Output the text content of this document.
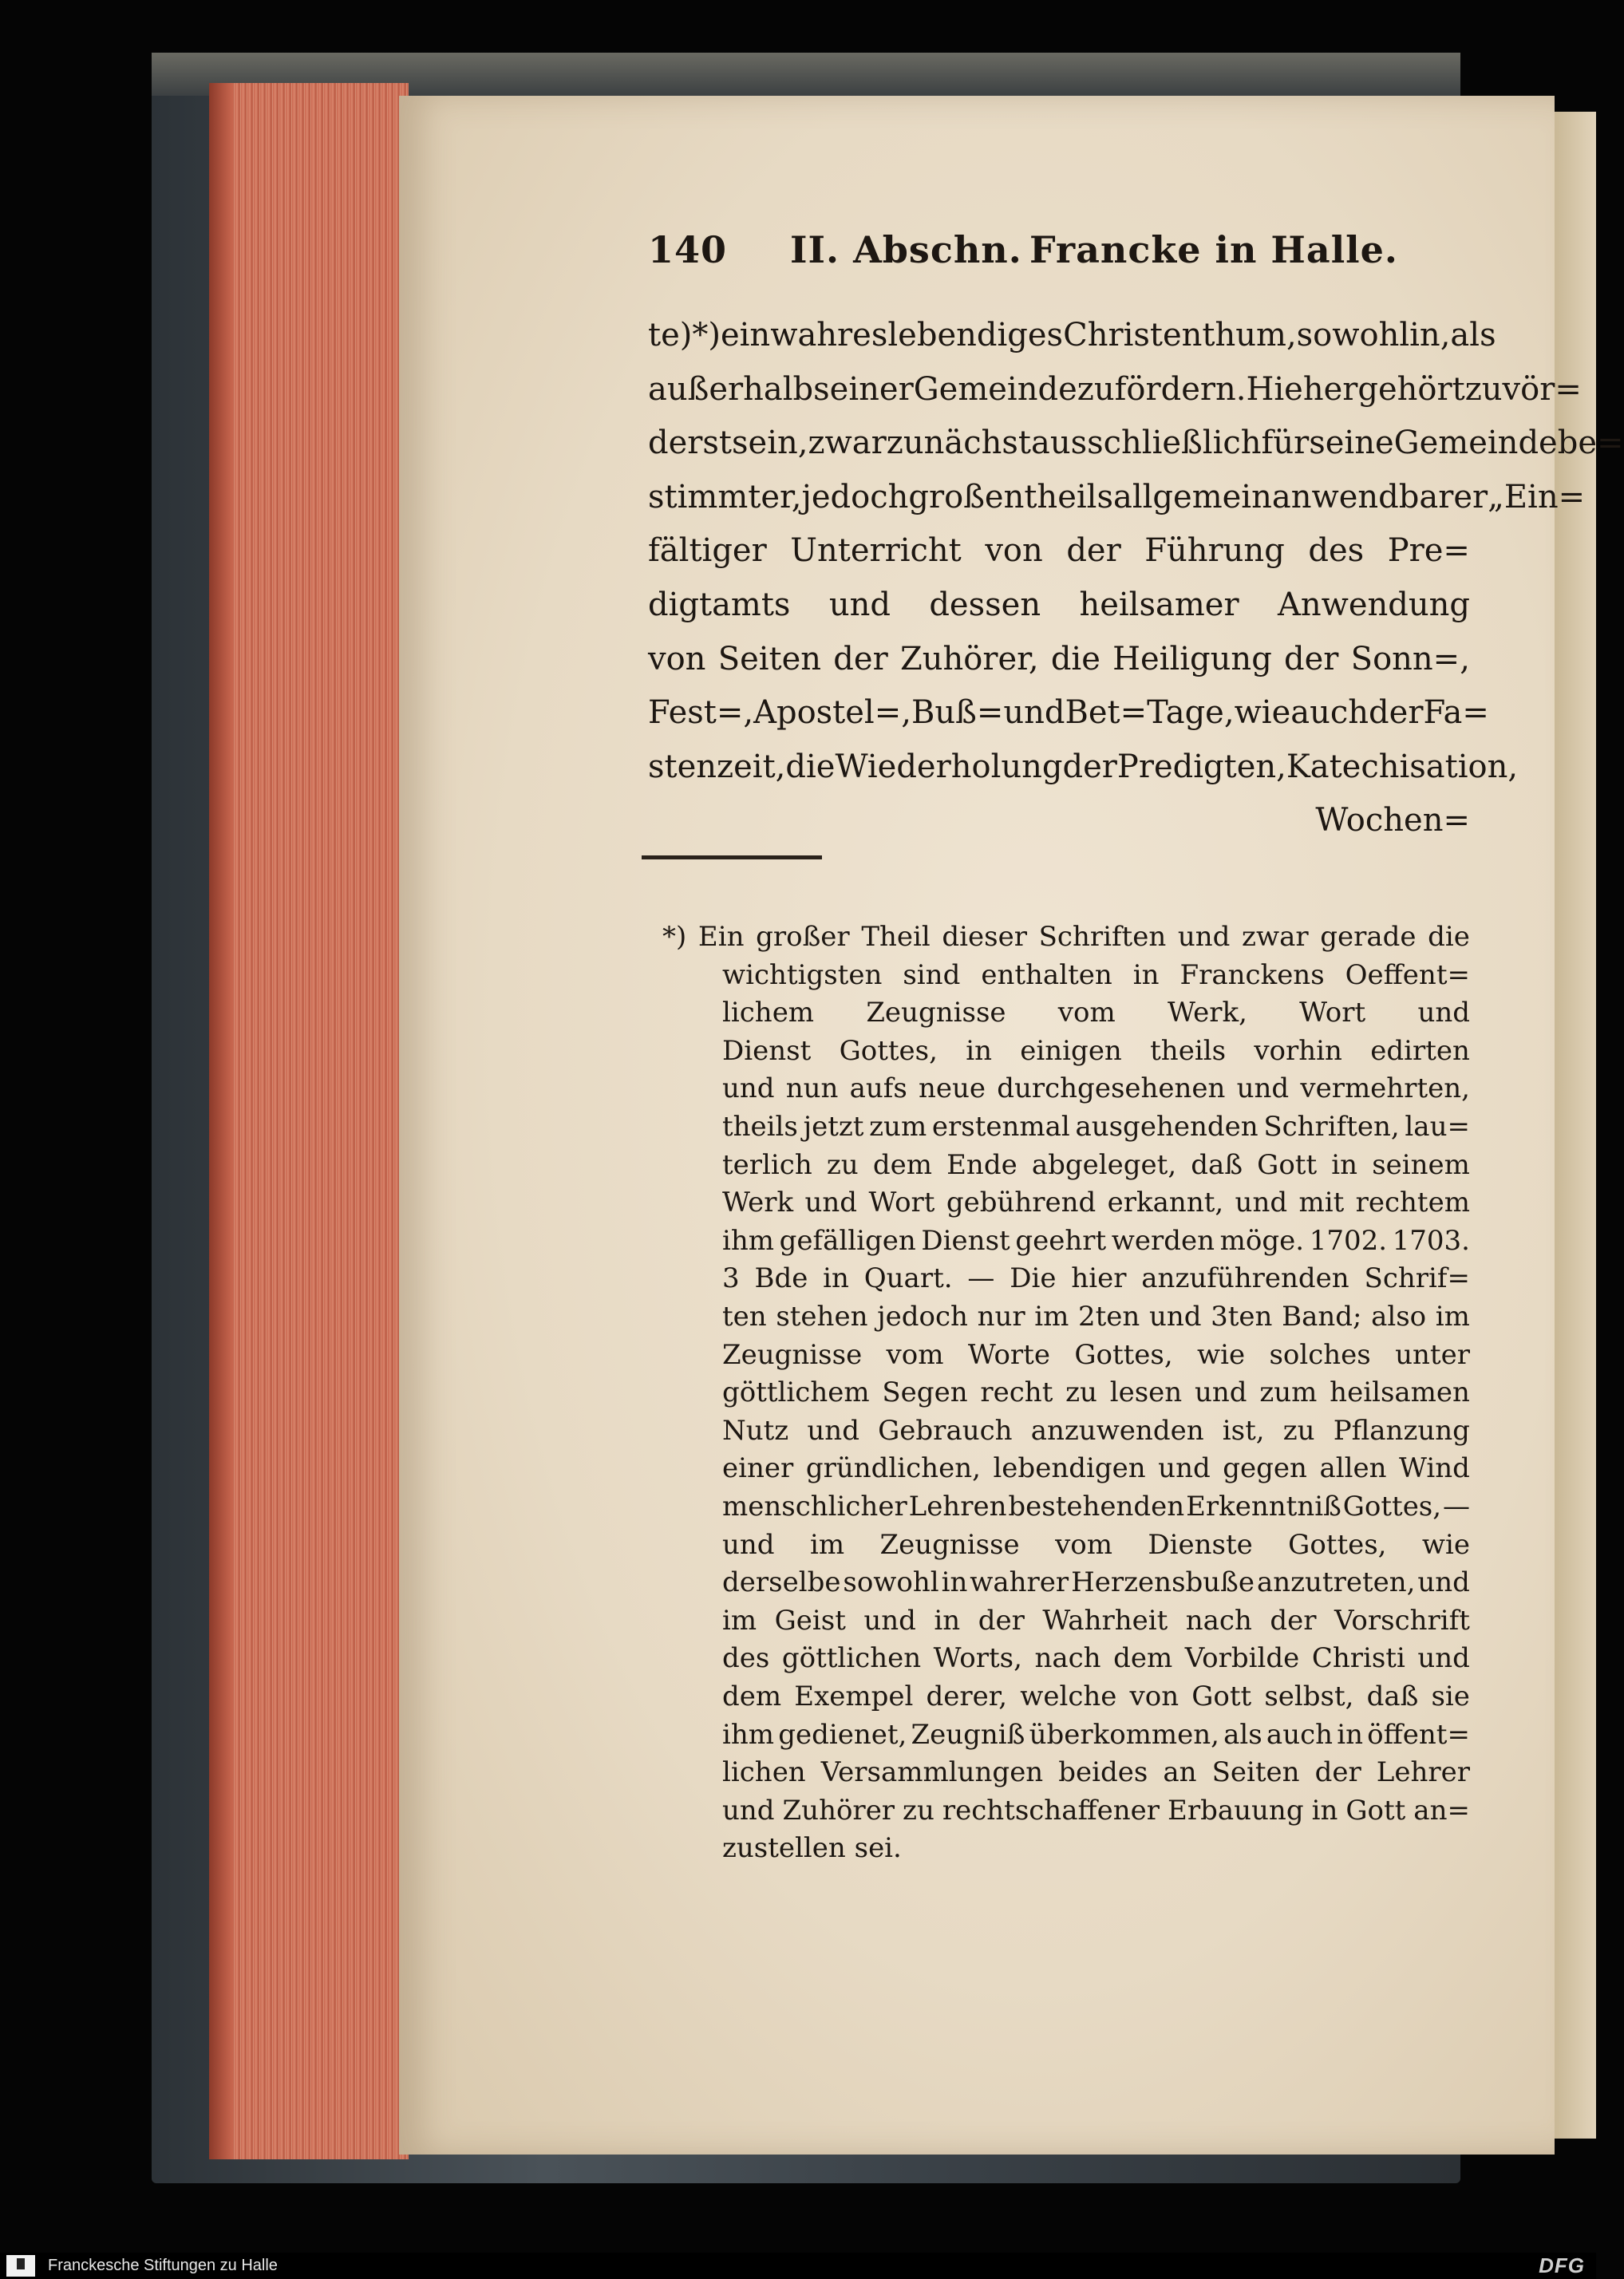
140 II. Abschn. Francke in Halle.
te)*) ein wahres lebendiges Christenthum, sowohl in, als
außerhalb seiner Gemeinde zu fördern. Hieher gehört zuvör=
derst sein, zwar zunächst ausschließlich für seine Gemeinde be=
stimmter, jedoch großentheils allgemein anwendbarer „Ein=
fältiger Unterricht von der Führung des Pre=
digtamts und dessen heilsamer Anwendung
von Seiten der Zuhörer, die Heiligung der Sonn=,
Fest=, Apostel=, Buß= und Bet=Tage, wie auch der Fa=
stenzeit, die Wiederholung der Predigten, Katechisation,
Wochen=
*) Ein großer Theil dieser Schriften und zwar gerade die
wichtigsten sind enthalten in Franckens Oeffent=
lichem Zeugnisse vom Werk, Wort und
Dienst Gottes, in einigen theils vorhin edirten
und nun aufs neue durchgesehenen und vermehrten,
theils jetzt zum erstenmal ausgehenden Schriften, lau=
terlich zu dem Ende abgeleget, daß Gott in seinem
Werk und Wort gebührend erkannt, und mit rechtem
ihm gefälligen Dienst geehrt werden möge. 1702. 1703.
3 Bde in Quart. — Die hier anzuführenden Schrif=
ten stehen jedoch nur im 2ten und 3ten Band; also im
Zeugnisse vom Worte Gottes, wie solches unter
göttlichem Segen recht zu lesen und zum heilsamen
Nutz und Gebrauch anzuwenden ist, zu Pflanzung
einer gründlichen, lebendigen und gegen allen Wind
menschlicher Lehren bestehenden Erkenntniß Gottes, —
und im Zeugnisse vom Dienste Gottes, wie
derselbe sowohl in wahrer Herzensbuße anzutreten, und
im Geist und in der Wahrheit nach der Vorschrift
des göttlichen Worts, nach dem Vorbilde Christi und
dem Exempel derer, welche von Gott selbst, daß sie
ihm gedienet, Zeugniß überkommen, als auch in öffent=
lichen Versammlungen beides an Seiten der Lehrer
und Zuhörer zu rechtschaffener Erbauung in Gott an=
zustellen sei.
Franckesche Stiftungen zu Halle	DFG
